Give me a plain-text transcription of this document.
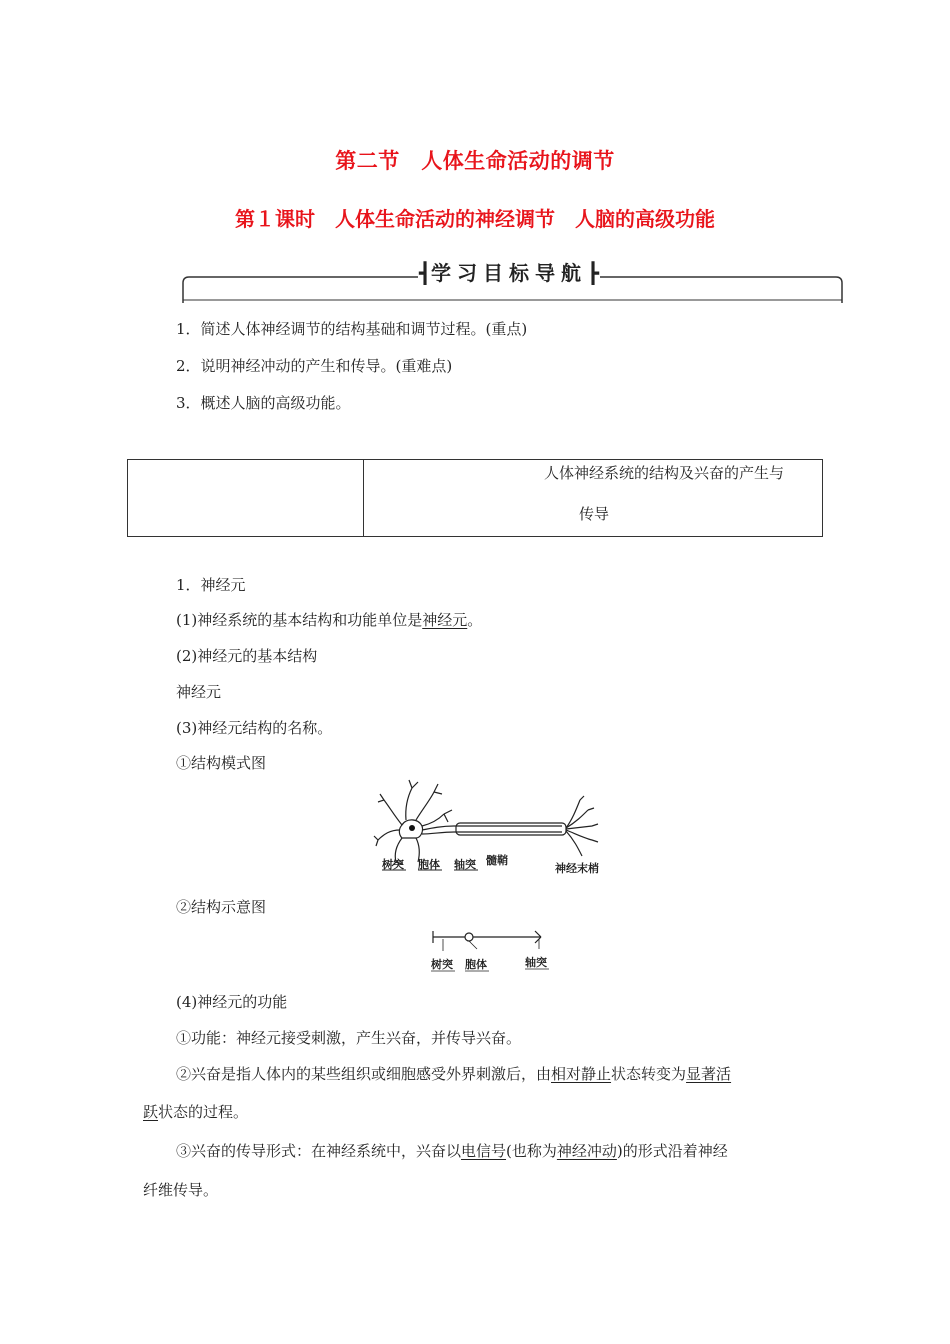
第二节　人体生命活动的调节
第１课时　人体生命活动的神经调节　人脑的高级功能
┫学习目标导航┣
1．简述人体神经调节的结构基础和调节过程。(重点)
2．说明神经冲动的产生和传导。(重难点)
3．概述人脑的高级功能。

人体神经系统的结构及兴奋的产生与
传导
1．神经元
(1)神经系统的基本结构和功能单位是神经元。
(2)神经元的基本结构
神经元
(3)神经元结构的名称。
①结构模式图
树突 胞体 轴突 髓鞘
神经末梢
②结构示意图
树突 胞体	轴突
(4)神经元的功能
①功能：神经元接受刺激，产生兴奋，并传导兴奋。
②兴奋是指人体内的某些组织或细胞感受外界刺激后，由相对静止状态转变为显著活
跃状态的过程。
③兴奋的传导形式：在神经系统中，兴奋以电信号(也称为神经冲动)的形式沿着神经
纤维传导。
